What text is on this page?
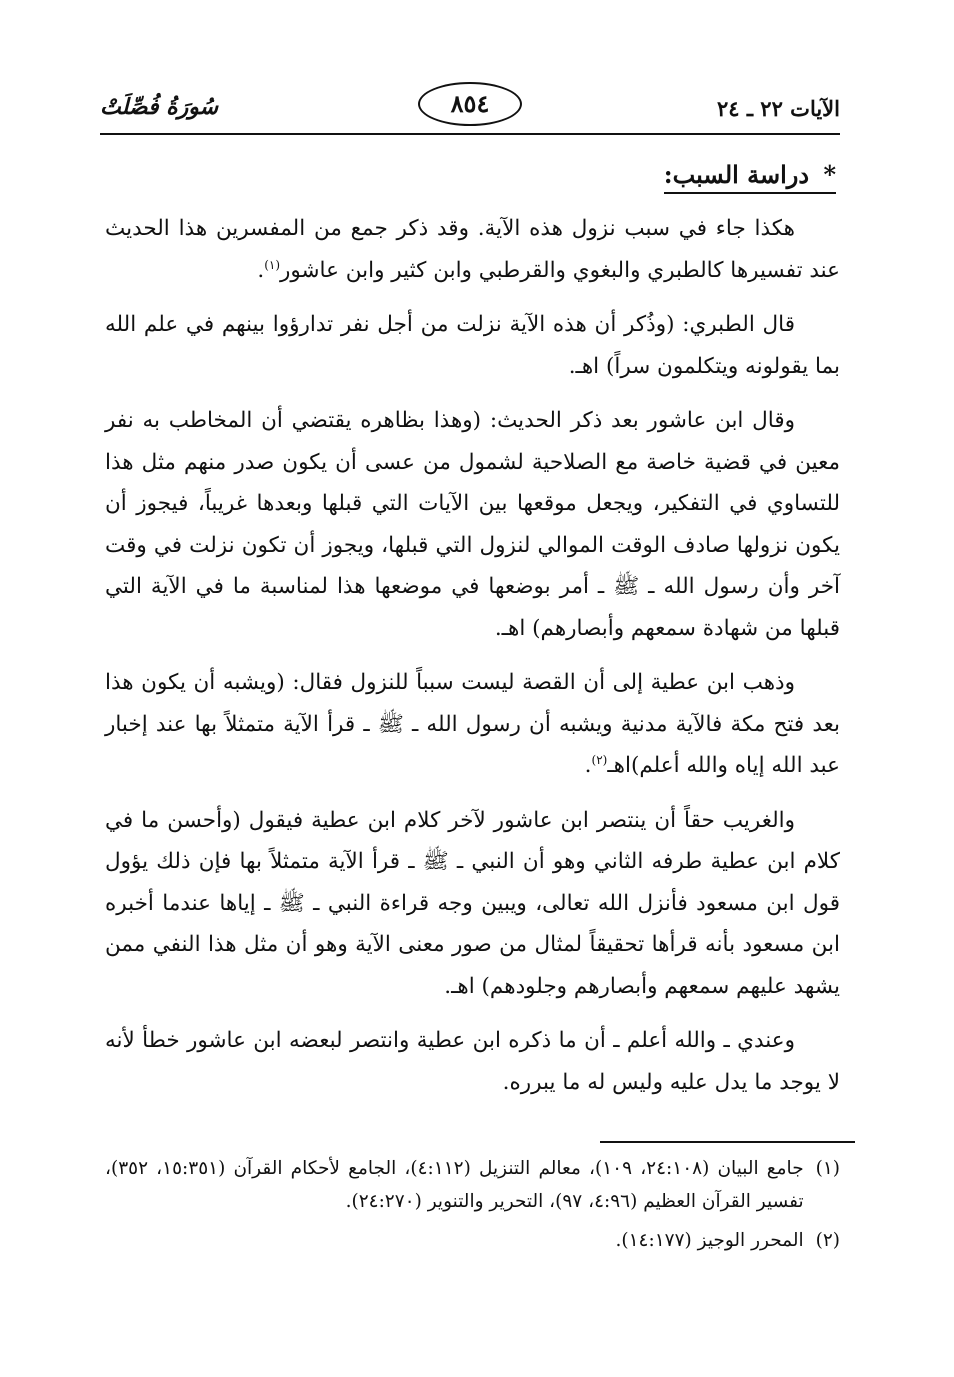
الآيات ٢٢ ـ ٢٤
٨٥٤
سُورَةُ فُصِّلَتْ
* دراسة السبب:

هكذا جاء في سبب نزول هذه الآية. وقد ذكر جمع من المفسرين هذا الحديث عند تفسيرها كالطبري والبغوي والقرطبي وابن كثير وابن عاشور$^{(١)}$.

قال الطبري: (وذُكر أن هذه الآية نزلت من أجل نفر تدارؤوا بينهم في علم الله بما يقولونه ويتكلمون سراً) اهـ.

وقال ابن عاشور بعد ذكر الحديث: (وهذا بظاهره يقتضي أن المخاطب به نفر معين في قضية خاصة مع الصلاحية لشمول من عسى أن يكون صدر منهم مثل هذا للتساوي في التفكير، ويجعل موقعها بين الآيات التي قبلها وبعدها غريباً، فيجوز أن يكون نزولها صادف الوقت الموالي لنزول التي قبلها، ويجوز أن تكون نزلت في وقت آخر وأن رسول الله ـ ﷺ ـ أمر بوضعها في موضعها هذا لمناسبة ما في الآية التي قبلها من شهادة سمعهم وأبصارهم) اهـ.

وذهب ابن عطية إلى أن القصة ليست سبباً للنزول فقال: (ويشبه أن يكون هذا بعد فتح مكة فالآية مدنية ويشبه أن رسول الله ـ ﷺ ـ قرأ الآية متمثلاً بها عند إخبار عبد الله إياه والله أعلم)اهـ$^{(٢)}$.

والغريب حقاً أن ينتصر ابن عاشور لآخر كلام ابن عطية فيقول (وأحسن ما في كلام ابن عطية طرفه الثاني وهو أن النبي ـ ﷺ ـ قرأ الآية متمثلاً بها فإن ذلك يؤول قول ابن مسعود فأنزل الله تعالى، ويبين وجه قراءة النبي ـ ﷺ ـ إياها عندما أخبره ابن مسعود بأنه قرأها تحقيقاً لمثال من صور معنى الآية وهو أن مثل هذا النفي ممن يشهد عليهم سمعهم وأبصارهم وجلودهم) اهـ.

وعندي ـ والله أعلم ـ أن ما ذكره ابن عطية وانتصر لبعضه ابن عاشور خطأ لأنه لا يوجد ما يدل عليه وليس له ما يبرره.

(١)
جامع البيان (٢٤:١٠٨، ١٠٩)، معالم التنزيل (٤:١١٢)، الجامع لأحكام القرآن (١٥:٣٥١، ٣٥٢)، تفسير القرآن العظيم (٤:٩٦، ٩٧)، التحرير والتنوير (٢٤:٢٧٠).
(٢)
المحرر الوجيز (١٤:١٧٧).
